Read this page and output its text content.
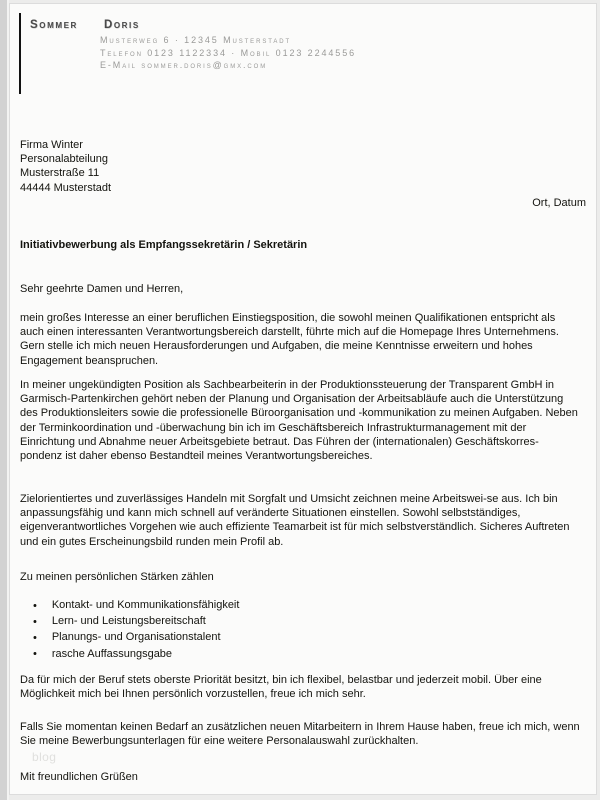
Sommer Doris
Musterweg 6 · 12345 Musterstadt
Telefon 0123 1122334 · Mobil 0123 2244556
E-Mail sommer.doris@gmx.com
Firma Winter
Personalabteilung
Musterstraße 11
44444 Musterstadt
Ort, Datum
Initiativbewerbung als Empfangssekretärin / Sekretärin
Sehr geehrte Damen und Herren,
mein großes Interesse an einer beruflichen Einstiegsposition, die sowohl meinen Qualifikationen entspricht als auch einen interessanten Verantwortungsbereich darstellt, führte mich auf die Homepage Ihres Unternehmens. Gern stelle ich mich neuen Herausforderungen und Aufgaben, die meine Kenntnisse erweitern und hohes Engagement beanspruchen.
In meiner ungekündigten Position als Sachbearbeiterin in der Produktionssteuerung der Transparent GmbH in Garmisch-Partenkirchen gehört neben der Planung und Organisation der Arbeitsabläufe auch die Unterstützung des Produktionsleiters sowie die professionelle Büroorganisation und -kommunikation zu meinen Aufgaben. Neben der Terminkoordination und -überwachung bin ich im Geschäftsbereich Infrastrukturmanagement mit der Einrichtung und Abnahme neuer Arbeitsgebiete betraut. Das Führen der (internationalen) Geschäftskorres-pondenz ist daher ebenso Bestandteil meines Verantwortungsbereiches.
Zielorientiertes und zuverlässiges Handeln mit Sorgfalt und Umsicht zeichnen meine Arbeitswei-se aus. Ich bin anpassungsfähig und kann mich schnell auf veränderte Situationen einstellen. Sowohl selbstständiges, eigenverantwortliches Vorgehen wie auch effiziente Teamarbeit ist für mich selbstverständlich. Sicheres Auftreten und ein gutes Erscheinungsbild runden mein Profil ab.
Zu meinen persönlichen Stärken zählen
Kontakt- und Kommunikationsfähigkeit
Lern- und Leistungsbereitschaft
Planungs- und Organisationstalent
rasche Auffassungsgabe
Da für mich der Beruf stets oberste Priorität besitzt, bin ich flexibel, belastbar und jederzeit mobil. Über eine Möglichkeit mich bei Ihnen persönlich vorzustellen, freue ich mich sehr.
Falls Sie momentan keinen Bedarf an zusätzlichen neuen Mitarbeitern in Ihrem Hause haben, freue ich mich, wenn Sie meine Bewerbungsunterlagen für eine weitere Personalauswahl zurückhalten.
Mit freundlichen Grüßen
blog
